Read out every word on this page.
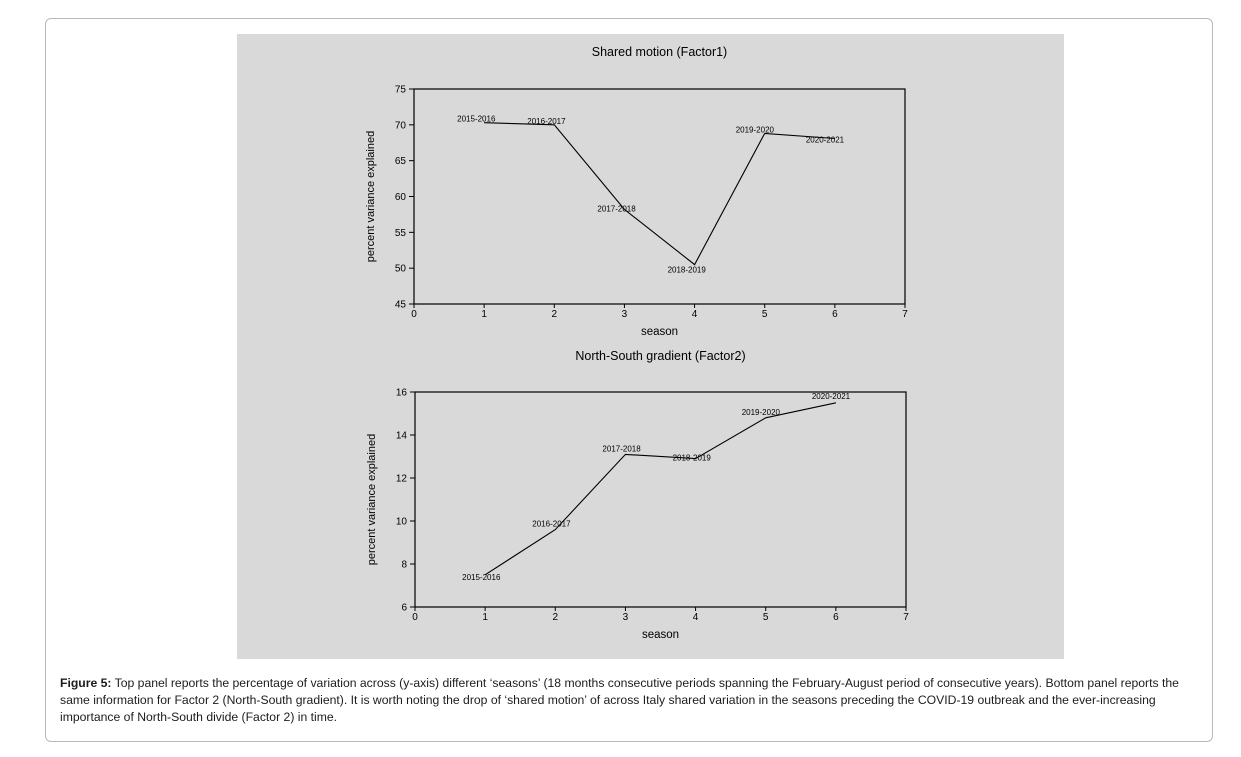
Shared motion (Factor1)
45
50
55
60
65
70
75
0	1	2	3	4	5	6	7
season
percent variance explained
2015-2016	2016-2017
2017-2018
2018-2019
2019-2020
2020-2021
North-South gradient (Factor2)
6
8
10
12
14
16
0	1	2	3	4	5	6	7
season
percent variance explained
2015-2016
2016-2017
2017-2018
2018-2019
2019-2020
2020-2021
Figure 5: Top panel reports the percentage of variation across (y-axis) different ‘seasons’ (18 months consecutive periods spanning the February-August period of consecutive years). Bottom panel reports the same information for Factor 2 (North-South gradient). It is worth noting the drop of ‘shared motion’ of across Italy shared variation in the seasons preceding the COVID-19 outbreak and the ever-increasing importance of North-South divide (Factor 2) in time.
